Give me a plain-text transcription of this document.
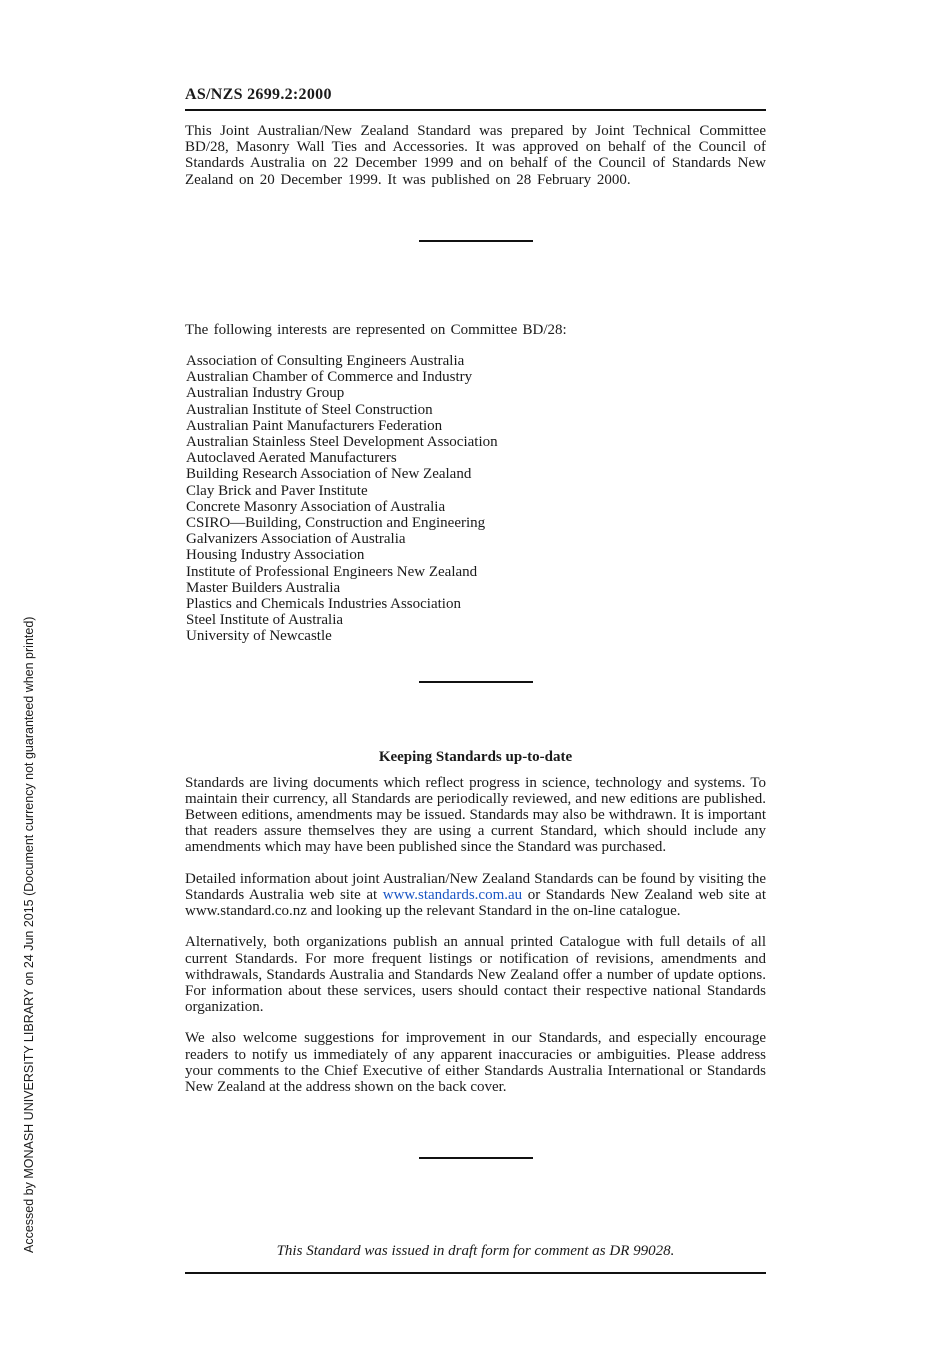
Accessed by MONASH UNIVERSITY LIBRARY on 24 Jun 2015 (Document currency not guaranteed when printed)
AS/NZS 2699.2:2000

This Joint Australian/New Zealand Standard was prepared by Joint Technical Committee BD/28, Masonry Wall Ties and Accessories. It was approved on behalf of the Council of Standards Australia on 22 December 1999 and on behalf of the Council of Standards New Zealand on 20 December 1999. It was published on 28 February 2000.

The following interests are represented on Committee BD/28:

Association of Consulting Engineers Australia
Australian Chamber of Commerce and Industry
Australian Industry Group
Australian Institute of Steel Construction
Australian Paint Manufacturers Federation
Australian Stainless Steel Development Association
Autoclaved Aerated Manufacturers
Building Research Association of New Zealand
Clay Brick and Paver Institute
Concrete Masonry Association of Australia
CSIRO—Building, Construction and Engineering
Galvanizers Association of Australia
Housing Industry Association
Institute of Professional Engineers New Zealand
Master Builders Australia
Plastics and Chemicals Industries Association
Steel Institute of Australia
University of Newcastle
Keeping Standards up-to-date

Standards are living documents which reflect progress in science, technology and systems. To maintain their currency, all Standards are periodically reviewed, and new editions are published. Between editions, amendments may be issued. Standards may also be withdrawn. It is important that readers assure themselves they are using a current Standard, which should include any amendments which may have been published since the Standard was purchased.

Detailed information about joint Australian/New Zealand Standards can be found by visiting the Standards Australia web site at www.standards.com.au or Standards New Zealand web site at www.standard.co.nz and looking up the relevant Standard in the on-line catalogue.

Alternatively, both organizations publish an annual printed Catalogue with full details of all current Standards. For more frequent listings or notification of revisions, amendments and withdrawals, Standards Australia and Standards New Zealand offer a number of update options. For information about these services, users should contact their respective national Standards organization.

We also welcome suggestions for improvement in our Standards, and especially encourage readers to notify us immediately of any apparent inaccuracies or ambiguities. Please address your comments to the Chief Executive of either Standards Australia International or Standards New Zealand at the address shown on the back cover.

This Standard was issued in draft form for comment as DR 99028.
